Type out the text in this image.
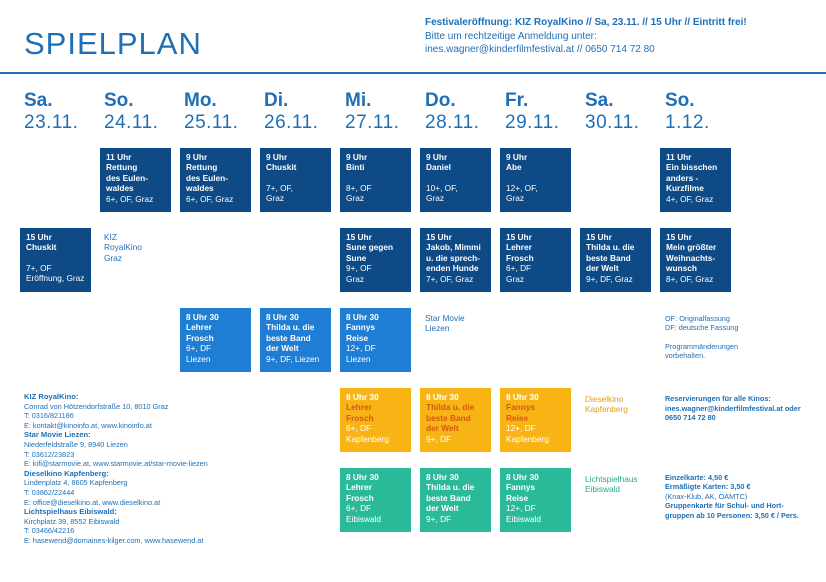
SPIELPLAN
Festivaleröffnung: KIZ RoyalKino // Sa, 23.11. // 15 Uhr // Eintritt frei!
Bitte um rechtzeitige Anmeldung unter:
ines.wagner@kinderfilmfestival.at // 0650 714 72 80
Sa.
23.11.
So.
24.11.
Mo.
25.11.
Di.
26.11.
Mi.
27.11.
Do.
28.11.
Fr.
29.11.
Sa.
30.11.
So.
1.12.
11 Uhr
Rettung
des Eulen-
waldes
6+, OF, Graz
9 Uhr
Rettung
des Eulen-
waldes
6+, OF, Graz
9 Uhr
Chuskit
7+, OF,
Graz
9 Uhr
Binti
8+, OF
Graz
9 Uhr
Daniel
10+, OF,
Graz
9 Uhr
Abe
12+, OF,
Graz
11 Uhr
Ein bisschen
anders -
Kurzfilme
4+, OF, Graz
15 Uhr
Chuskit
7+, OF
Eröffnung, Graz
KIZ
RoyalKino
Graz
15 Uhr
Sune gegen
Sune
9+, OF
Graz
15 Uhr
Jakob, Mimmi
u. die sprech-
enden Hunde
7+, OF, Graz
15 Uhr
Lehrer
Frosch
6+, DF
Graz
15 Uhr
Thilda u. die
beste Band
der Welt
9+, DF, Graz
15 Uhr
Mein größter
Weihnachts-
wunsch
8+, OF, Graz
8 Uhr 30
Lehrer
Frosch
6+, DF
Liezen
8 Uhr 30
Thilda u. die
beste Band
der Welt
9+, DF, Liezen
8 Uhr 30
Fannys
Reise
12+, DF
Liezen
Star Movie
Liezen
OF: Originalfassung
DF: deutsche Fassung
Programmänderungen
vorbehalten.
8 Uhr 30
Lehrer
Frosch
6+, DF
Kapfenberg
8 Uhr 30
Thilda u. die
beste Band
der Welt
9+, DF
8 Uhr 30
Fannys
Reise
12+, DF
Kapfenberg
Dieselkino
Kapfenberg
8 Uhr 30
Lehrer
Frosch
6+, DF
Eibiswald
8 Uhr 30
Thilda u. die
beste Band
der Welt
9+, DF
8 Uhr 30
Fannys
Reise
12+, DF
Eibiswald
Lichtspielhaus
Eibiswald
KIZ RoyalKino:
Conrad von Hötzendorfstraße 10, 8010 Graz
T: 0316/821186
E: kontakt@kinoinfo.at, www.kinoinfo.at
Star Movie Liezen:
Niederfeldstraße 9, 8940 Liezen
T: 03612/23823
E: kifi@starmovie.at, www.starmovie.at/star-movie-liezen
Dieselkino Kapfenberg:
Lindenplatz 4, 8605 Kapfenberg
T: 03862/22444
E: office@dieselkino.at, www.dieselkino.at
Lichtspielhaus Eibiswald:
Kirchplatz 39, 8552 Eibiswald
T: 03466/42216
E: hasewend@domaines-kilger.com, www.hasewend.at
Reservierungen für alle Kinos:
ines.wagner@kinderfilmfestival.at oder
0650 714 72 80
Einzelkarte: 4,50 €
Ermäßigte Karten: 3,50 €
(Knax-Klub, AK, ÖAMTC)
Gruppenkarte für Schul- und Hort-
gruppen ab 10 Personen: 3,50 € / Pers.
